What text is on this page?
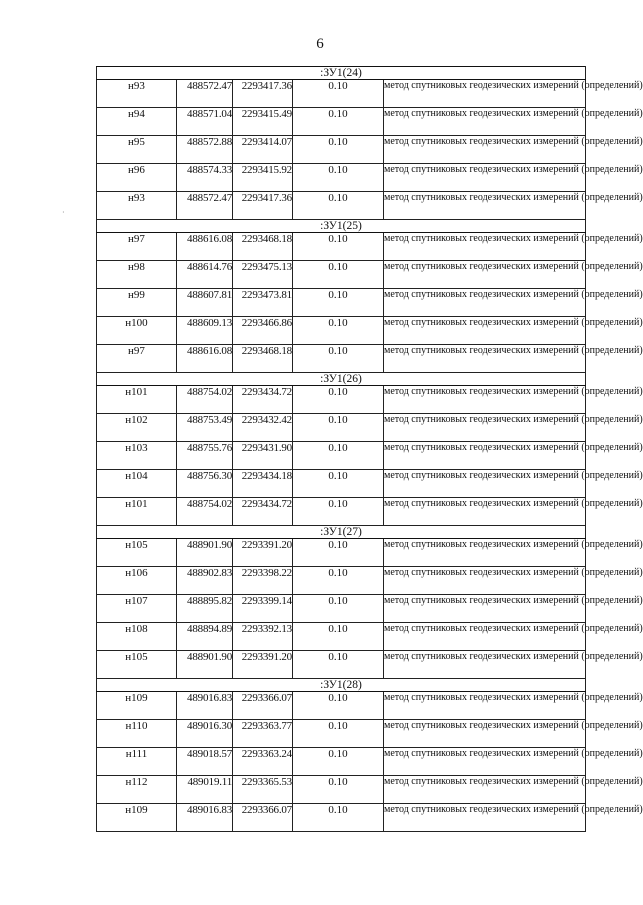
6
·
:ЗУ1(24)				
н93	488572.47	2293417.36	0.10	метод спутниковых геодезических измерений (определений)
н94	488571.04	2293415.49	0.10	метод спутниковых геодезических измерений (определений)
н95	488572.88	2293414.07	0.10	метод спутниковых геодезических измерений (определений)
н96	488574.33	2293415.92	0.10	метод спутниковых геодезических измерений (определений)
н93	488572.47	2293417.36	0.10	метод спутниковых геодезических измерений (определений)
:ЗУ1(25)				
н97	488616.08	2293468.18	0.10	метод спутниковых геодезических измерений (определений)
н98	488614.76	2293475.13	0.10	метод спутниковых геодезических измерений (определений)
н99	488607.81	2293473.81	0.10	метод спутниковых геодезических измерений (определений)
н100	488609.13	2293466.86	0.10	метод спутниковых геодезических измерений (определений)
н97	488616.08	2293468.18	0.10	метод спутниковых геодезических измерений (определений)
:ЗУ1(26)				
н101	488754.02	2293434.72	0.10	метод спутниковых геодезических измерений (определений)
н102	488753.49	2293432.42	0.10	метод спутниковых геодезических измерений (определений)
н103	488755.76	2293431.90	0.10	метод спутниковых геодезических измерений (определений)
н104	488756.30	2293434.18	0.10	метод спутниковых геодезических измерений (определений)
н101	488754.02	2293434.72	0.10	метод спутниковых геодезических измерений (определений)
:ЗУ1(27)				
н105	488901.90	2293391.20	0.10	метод спутниковых геодезических измерений (определений)
н106	488902.83	2293398.22	0.10	метод спутниковых геодезических измерений (определений)
н107	488895.82	2293399.14	0.10	метод спутниковых геодезических измерений (определений)
н108	488894.89	2293392.13	0.10	метод спутниковых геодезических измерений (определений)
н105	488901.90	2293391.20	0.10	метод спутниковых геодезических измерений (определений)
:ЗУ1(28)				
н109	489016.83	2293366.07	0.10	метод спутниковых геодезических измерений (определений)
н110	489016.30	2293363.77	0.10	метод спутниковых геодезических измерений (определений)
н111	489018.57	2293363.24	0.10	метод спутниковых геодезических измерений (определений)
н112	489019.11	2293365.53	0.10	метод спутниковых геодезических измерений (определений)
н109	489016.83	2293366.07	0.10	метод спутниковых геодезических измерений (определений)
